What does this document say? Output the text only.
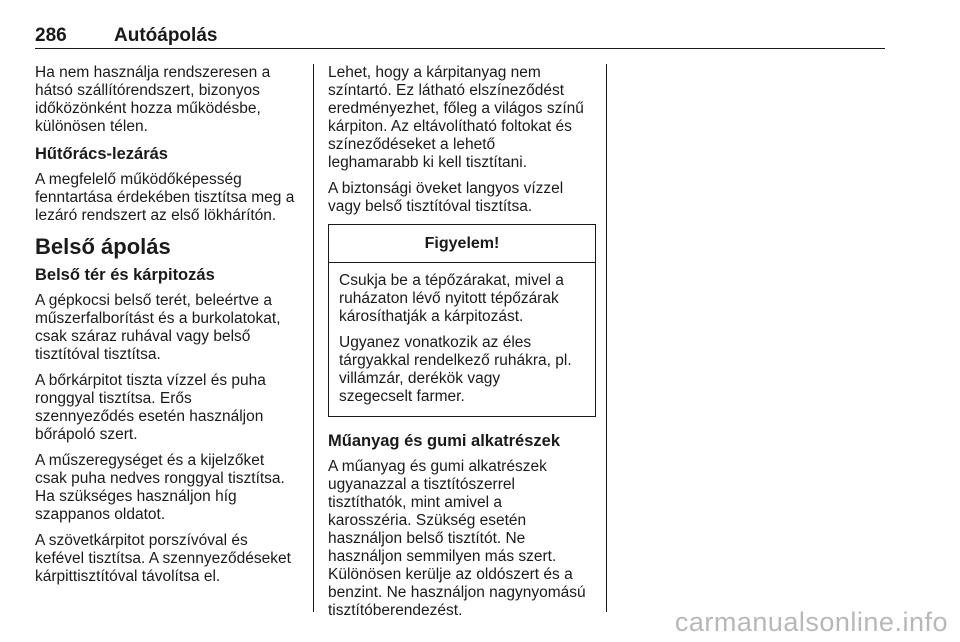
286 Autóápolás

Ha nem használja rendszeresen a
hátsó szállítórendszert, bizonyos
időközönként hozza működésbe,
különösen télen.

Hűtőrács-lezárás

A megfelelő működőképesség
fenntartása érdekében tisztítsa meg a
lezáró rendszert az első lökhárítón.

Belső ápolás
Belső tér és kárpitozás

A gépkocsi belső terét, beleértve a
műszerfalborítást és a burkolatokat,
csak száraz ruhával vagy belső
tisztítóval tisztítsa.

A bőrkárpitot tiszta vízzel és puha
ronggyal tisztítsa. Erős
szennyeződés esetén használjon
bőrápoló szert.

A műszeregységet és a kijelzőket
csak puha nedves ronggyal tisztítsa.
Ha szükséges használjon híg
szappanos oldatot.

A szövetkárpitot porszívóval és
kefével tisztítsa. A szennyeződéseket
kárpittisztítóval távolítsa el.

Lehet, hogy a kárpitanyag nem
színtartó. Ez látható elszíneződést
eredményezhet, főleg a világos színű
kárpiton. Az eltávolítható foltokat és
színeződéseket a lehető
leghamarabb ki kell tisztítani.

A biztonsági öveket langyos vízzel
vagy belső tisztítóval tisztítsa.

Figyelem!

Csukja be a tépőzárakat, mivel a
ruházaton lévő nyitott tépőzárak
károsíthatják a kárpitozást.

Ugyanez vonatkozik az éles
tárgyakkal rendelkező ruhákra, pl.
villámzár, derékök vagy
szegecselt farmer.

Műanyag és gumi alkatrészek

A műanyag és gumi alkatrészek
ugyanazzal a tisztítószerrel
tisztíthatók, mint amivel a
karosszéria. Szükség esetén
használjon belső tisztítót. Ne
használjon semmilyen más szert.
Különösen kerülje az oldószert és a
benzint. Ne használjon nagynyomású
tisztítóberendezést.	carmanualsonline.info
